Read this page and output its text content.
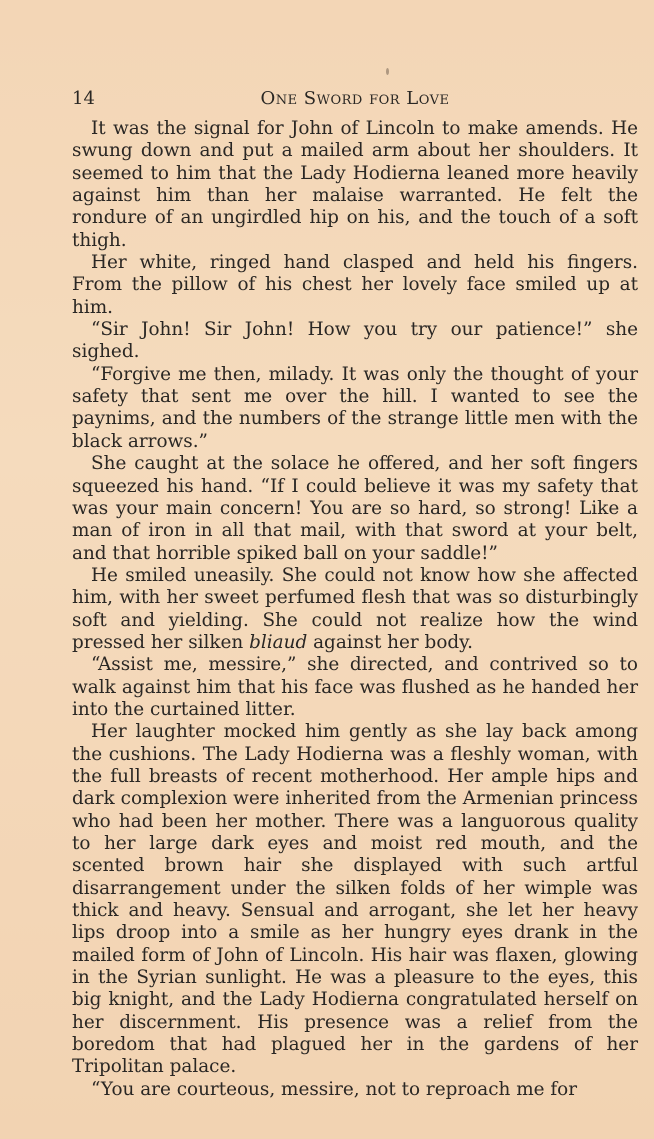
14	One Sword for Love

It was the signal for John of Lincoln to make amends. He swung down and put a mailed arm about her shoulders. It seemed to him that the Lady Hodierna leaned more heavily against him than her malaise warranted. He felt the rondure of an ungirdled hip on his, and the touch of a soft thigh.

Her white, ringed hand clasped and held his fingers. From the pillow of his chest her lovely face smiled up at him.

“Sir John! Sir John! How you try our patience!” she sighed.

“Forgive me then, milady. It was only the thought of your safety that sent me over the hill. I wanted to see the paynims, and the numbers of the strange little men with the black arrows.”

She caught at the solace he offered, and her soft fingers squeezed his hand. “If I could believe it was my safety that was your main concern! You are so hard, so strong! Like a man of iron in all that mail, with that sword at your belt, and that horrible spiked ball on your saddle!”

He smiled uneasily. She could not know how she affected him, with her sweet perfumed flesh that was so disturbingly soft and yielding. She could not realize how the wind pressed her silken bliaud against her body.

“Assist me, messire,” she directed, and contrived so to walk against him that his face was flushed as he handed her into the curtained litter.

Her laughter mocked him gently as she lay back among the cushions. The Lady Hodierna was a fleshly woman, with the full breasts of recent motherhood. Her ample hips and dark complexion were inherited from the Armenian princess who had been her mother. There was a languorous quality to her large dark eyes and moist red mouth, and the scented brown hair she displayed with such artful disarrangement under the silken folds of her wimple was thick and heavy. Sensual and arrogant, she let her heavy lips droop into a smile as her hungry eyes drank in the mailed form of John of Lincoln. His hair was flaxen, glowing in the Syrian sunlight. He was a pleasure to the eyes, this big knight, and the Lady Hodierna congratulated herself on her discernment. His presence was a relief from the boredom that had plagued her in the gardens of her Tripolitan palace.

“You are courteous, messire, not to reproach me for
